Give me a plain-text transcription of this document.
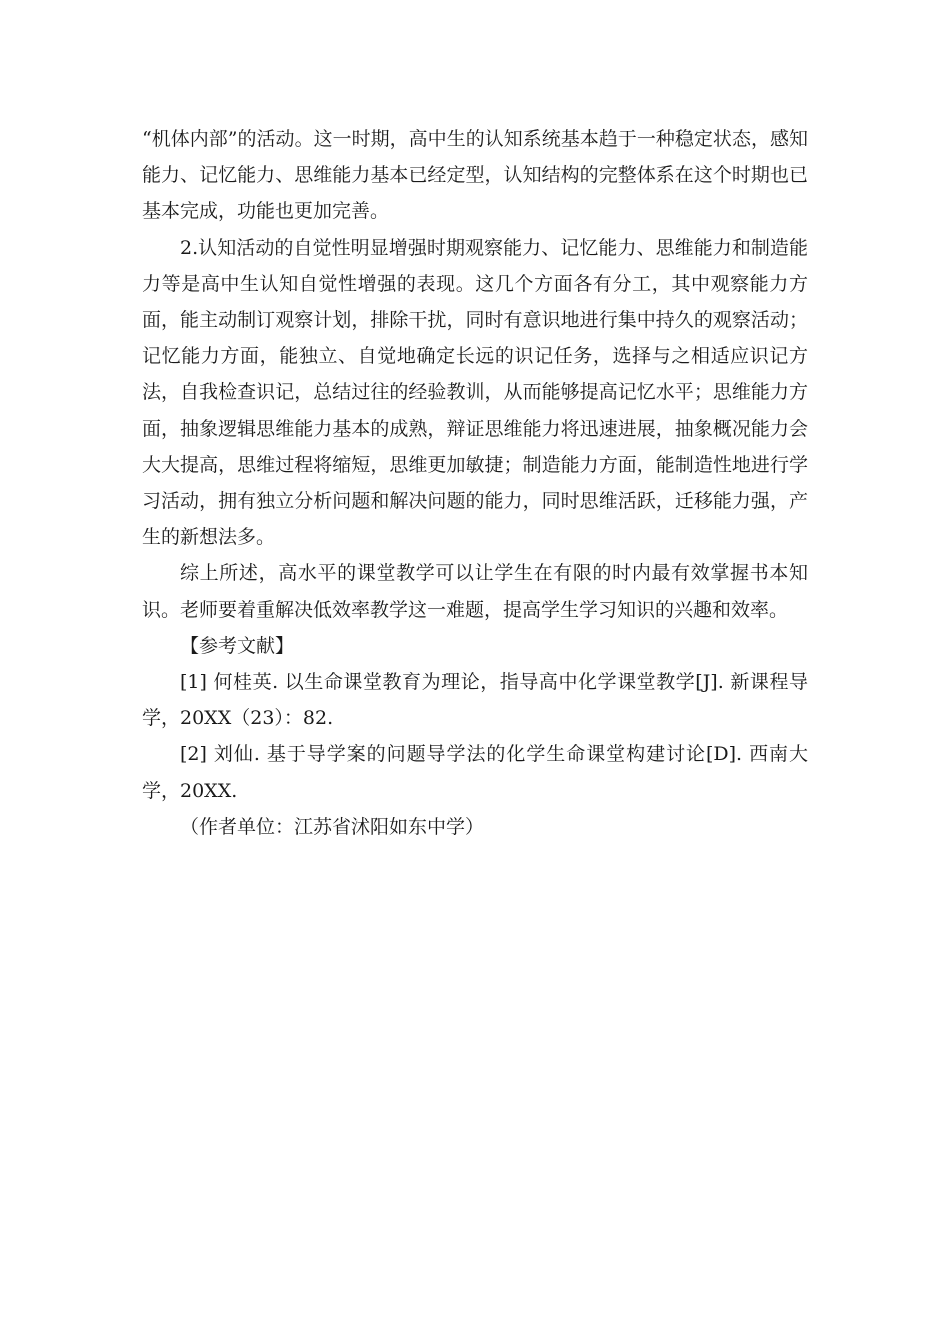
“机体内部”的活动。这一时期，高中生的认知系统基本趋于一种稳定状态，感知能力、记忆能力、思维能力基本已经定型，认知结构的完整体系在这个时期也已基本完成，功能也更加完善。

2.认知活动的自觉性明显增强时期观察能力、记忆能力、思维能力和制造能力等是高中生认知自觉性增强的表现。这几个方面各有分工，其中观察能力方面，能主动制订观察计划，排除干扰，同时有意识地进行集中持久的观察活动；记忆能力方面，能独立、自觉地确定长远的识记任务，选择与之相适应识记方法，自我检查识记，总结过往的经验教训，从而能够提高记忆水平；思维能力方面，抽象逻辑思维能力基本的成熟，辩证思维能力将迅速进展，抽象概况能力会大大提高，思维过程将缩短，思维更加敏捷；制造能力方面，能制造性地进行学习活动，拥有独立分析问题和解决问题的能力，同时思维活跃，迁移能力强，产生的新想法多。

综上所述，高水平的课堂教学可以让学生在有限的时内最有效掌握书本知识。老师要着重解决低效率教学这一难题，提高学生学习知识的兴趣和效率。

【参考文献】

[1] 何桂英. 以生命课堂教育为理论，指导高中化学课堂教学[J]. 新课程导学，20XX（23）：82.

[2] 刘仙. 基于导学案的问题导学法的化学生命课堂构建讨论[D]. 西南大学，20XX.

（作者单位：江苏省沭阳如东中学）
